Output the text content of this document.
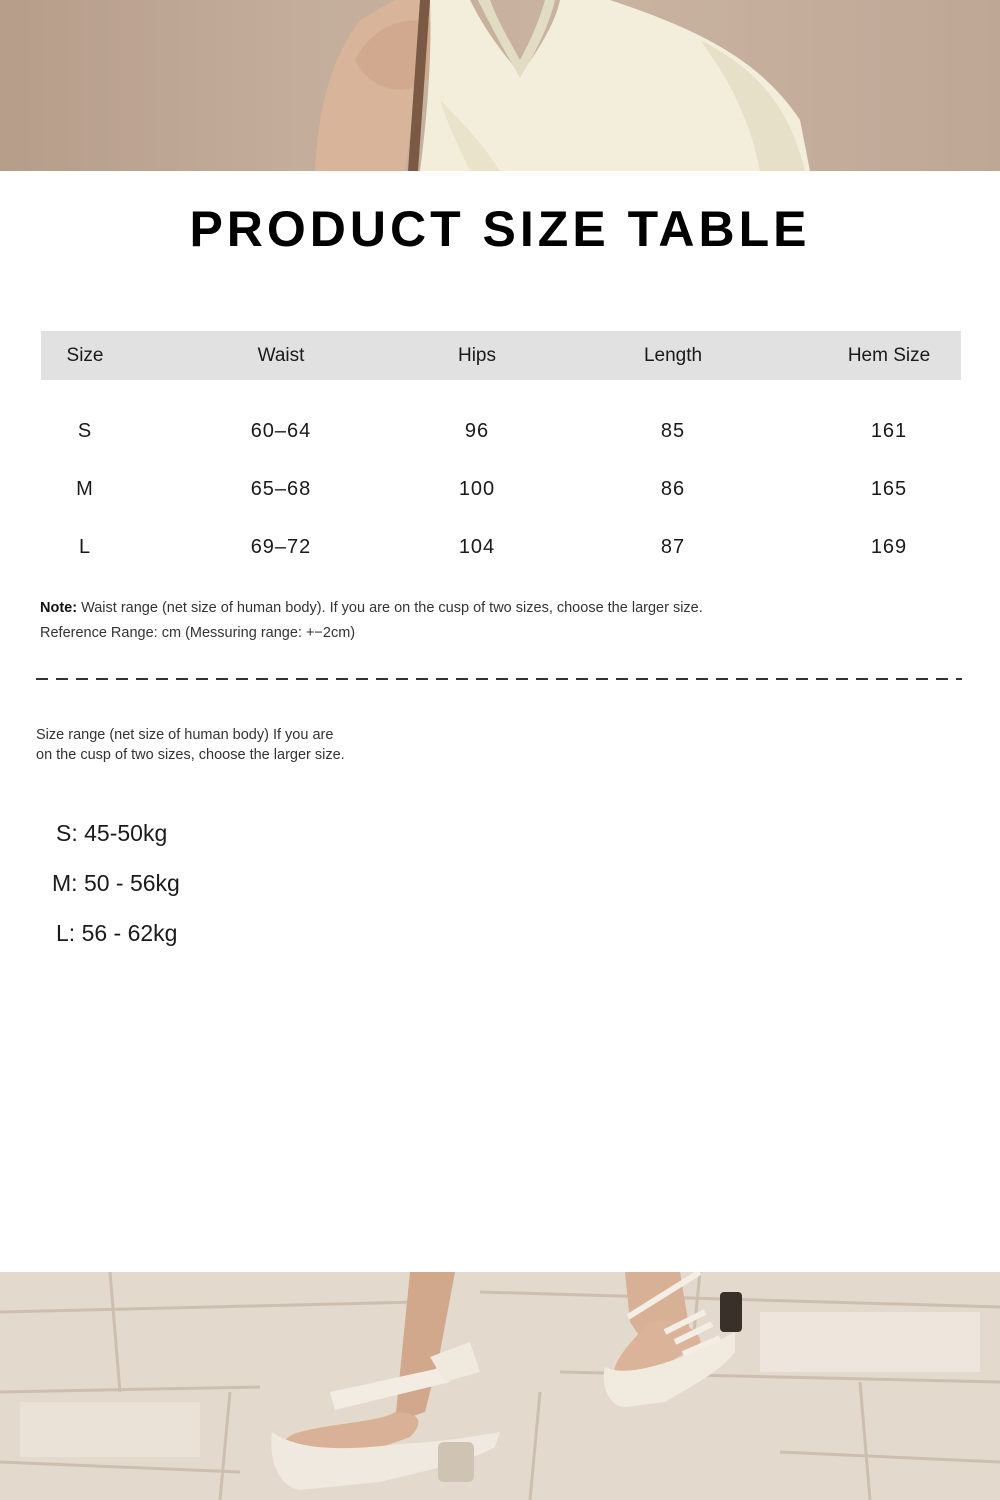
PRODUCT SIZE TABLE
Size	Waist	Hips	Length	Hem Size
S	60–64	96	85	161
M	65–68	100	86	165
L	69–72	104	87	169
Note: Waist range (net size of human body). If you are on the cusp of two sizes, choose the larger size.
Reference Range: cm (Messuring range: +−2cm)
Size range (net size of human body) If you are
on the cusp of two sizes, choose the larger size.
S: 45-50kg
M: 50 - 56kg
L: 56 - 62kg
